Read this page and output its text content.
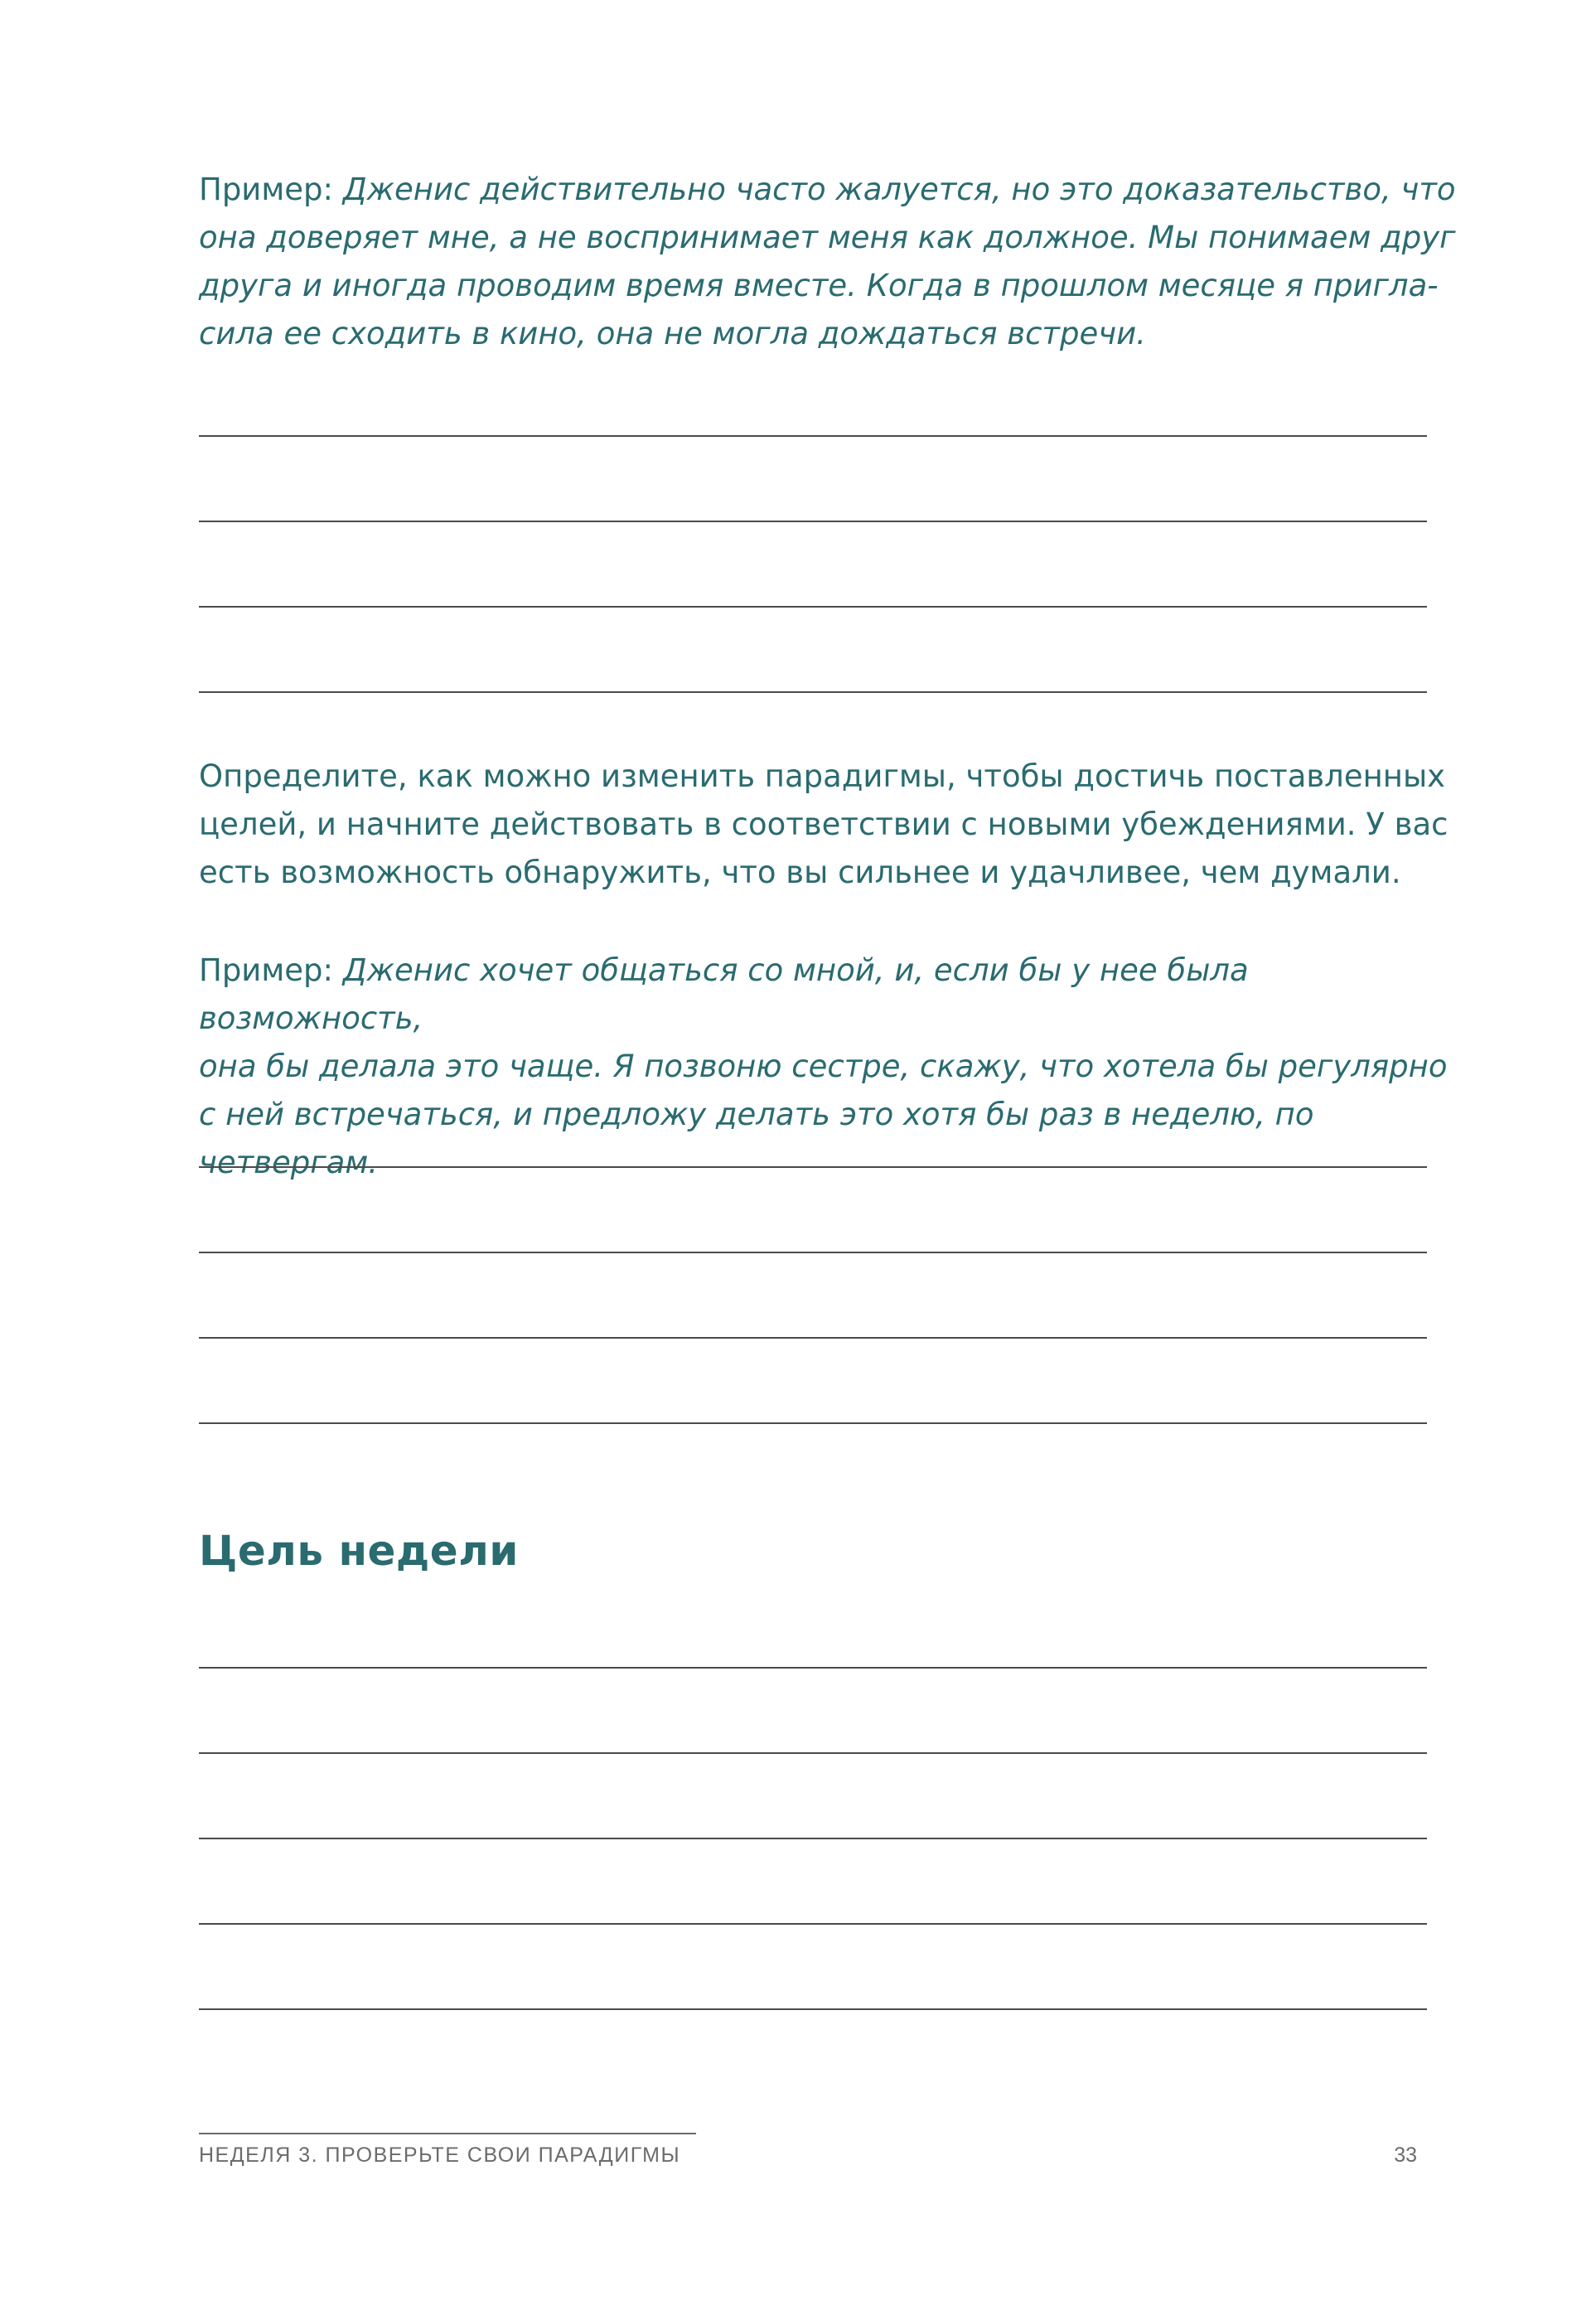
Пример: Дженис действительно часто жалуется, но это доказательство, что
она доверяет мне, а не воспринимает меня как должное. Мы понимаем друг
друга и иногда проводим время вместе. Когда в прошлом месяце я пригла-
сила ее сходить в кино, она не могла дождаться встречи.
Определите, как можно изменить парадигмы, чтобы достичь поставленных
целей, и начните действовать в соответствии с новыми убеждениями. У вас
есть возможность обнаружить, что вы сильнее и удачливее, чем думали.
Пример: Дженис хочет общаться со мной, и, если бы у нее была возможность,
она бы делала это чаще. Я позвоню сестре, скажу, что хотела бы регулярно
с ней встречаться, и предложу делать это хотя бы раз в неделю, по четвергам.
Цель недели
НЕДЕЛЯ 3. ПРОВЕРЬТЕ СВОИ ПАРАДИГМЫ	33
